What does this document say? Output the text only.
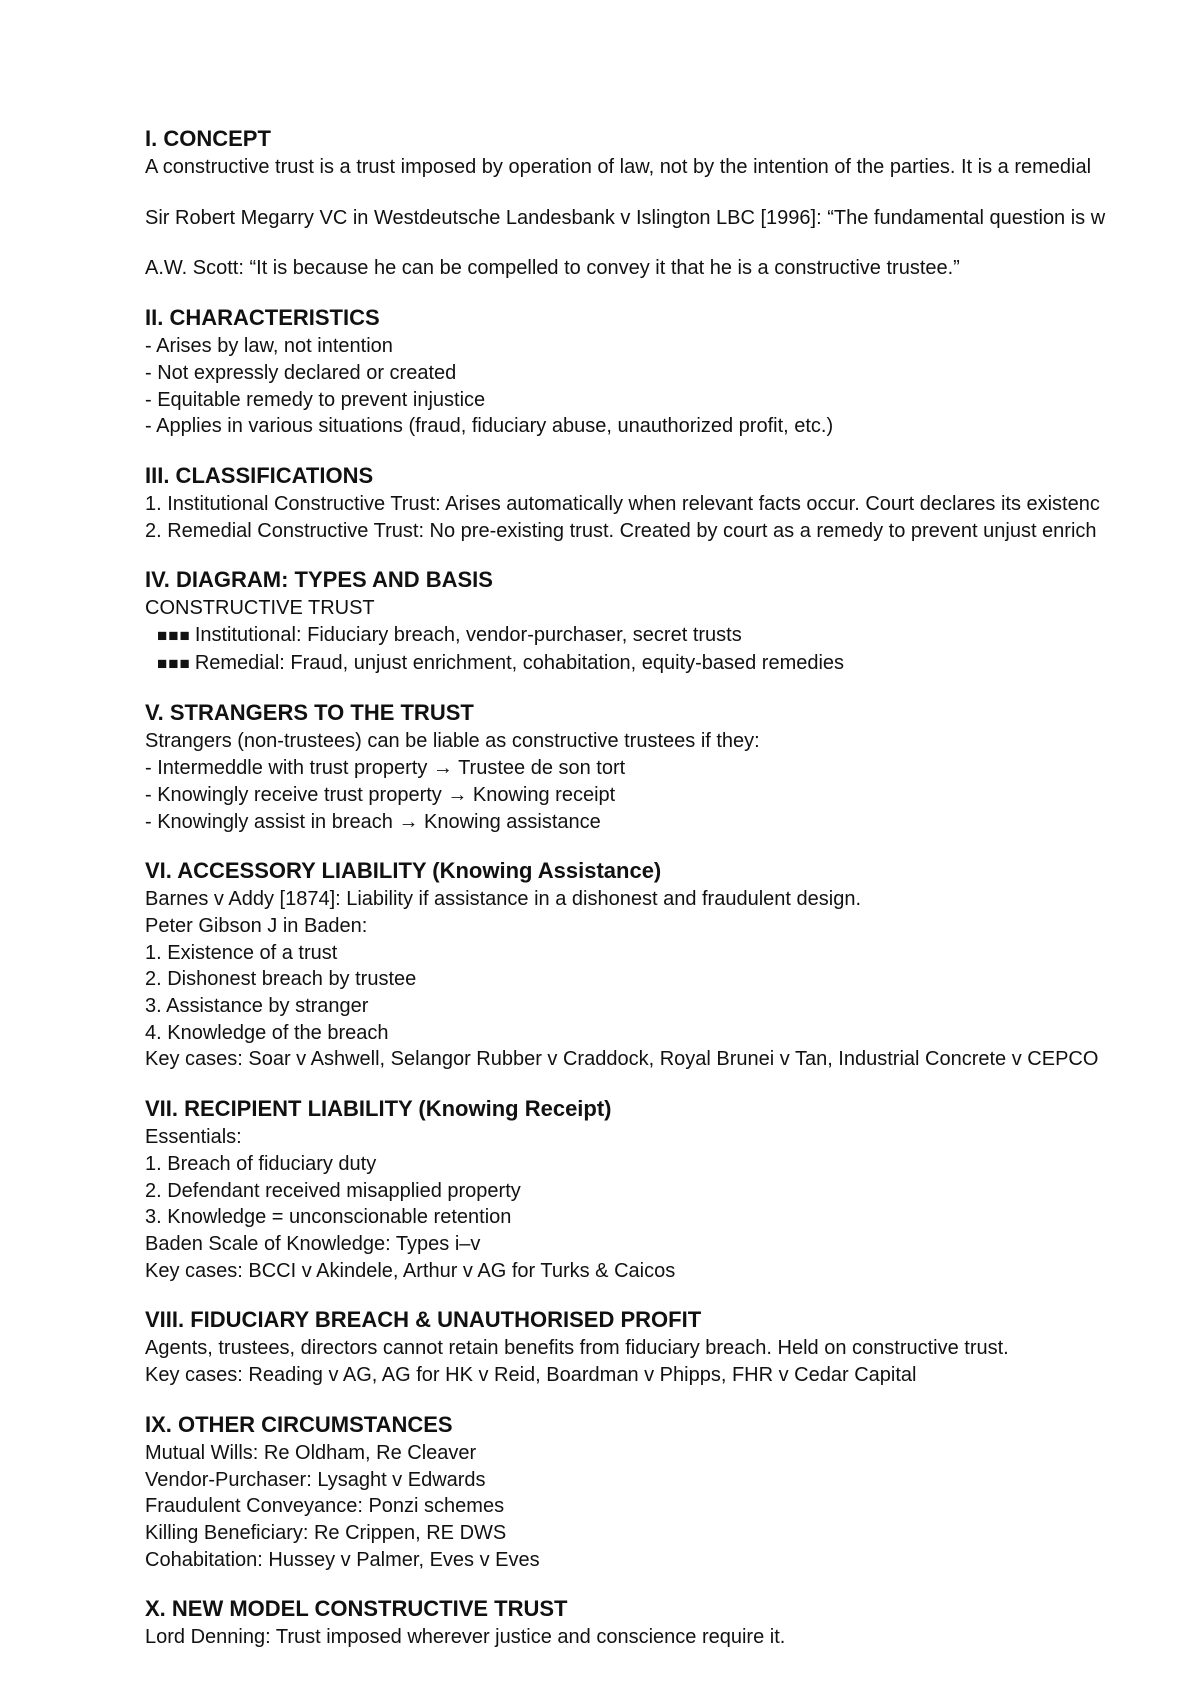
I. CONCEPT
A constructive trust is a trust imposed by operation of law, not by the intention of the parties. It is a remedial
Sir Robert Megarry VC in Westdeutsche Landesbank v Islington LBC [1996]: “The fundamental question is w
A.W. Scott: “It is because he can be compelled to convey it that he is a constructive trustee.”
II. CHARACTERISTICS
- Arises by law, not intention
- Not expressly declared or created
- Equitable remedy to prevent injustice
- Applies in various situations (fraud, fiduciary abuse, unauthorized profit, etc.)
III. CLASSIFICATIONS
1. Institutional Constructive Trust: Arises automatically when relevant facts occur. Court declares its existenc
2. Remedial Constructive Trust: No pre-existing trust. Created by court as a remedy to prevent unjust enrich
IV. DIAGRAM: TYPES AND BASIS
CONSTRUCTIVE TRUST
■■■ Institutional: Fiduciary breach, vendor-purchaser, secret trusts
■■■ Remedial: Fraud, unjust enrichment, cohabitation, equity-based remedies
V. STRANGERS TO THE TRUST
Strangers (non-trustees) can be liable as constructive trustees if they:
- Intermeddle with trust property → Trustee de son tort
- Knowingly receive trust property → Knowing receipt
- Knowingly assist in breach → Knowing assistance
VI. ACCESSORY LIABILITY (Knowing Assistance)
Barnes v Addy [1874]: Liability if assistance in a dishonest and fraudulent design.
Peter Gibson J in Baden:
1. Existence of a trust
2. Dishonest breach by trustee
3. Assistance by stranger
4. Knowledge of the breach
Key cases: Soar v Ashwell, Selangor Rubber v Craddock, Royal Brunei v Tan, Industrial Concrete v CEPCO
VII. RECIPIENT LIABILITY (Knowing Receipt)
Essentials:
1. Breach of fiduciary duty
2. Defendant received misapplied property
3. Knowledge = unconscionable retention
Baden Scale of Knowledge: Types i–v
Key cases: BCCI v Akindele, Arthur v AG for Turks & Caicos
VIII. FIDUCIARY BREACH & UNAUTHORISED PROFIT
Agents, trustees, directors cannot retain benefits from fiduciary breach. Held on constructive trust.
Key cases: Reading v AG, AG for HK v Reid, Boardman v Phipps, FHR v Cedar Capital
IX. OTHER CIRCUMSTANCES
Mutual Wills: Re Oldham, Re Cleaver
Vendor-Purchaser: Lysaght v Edwards
Fraudulent Conveyance: Ponzi schemes
Killing Beneficiary: Re Crippen, RE DWS
Cohabitation: Hussey v Palmer, Eves v Eves
X. NEW MODEL CONSTRUCTIVE TRUST
Lord Denning: Trust imposed wherever justice and conscience require it.
